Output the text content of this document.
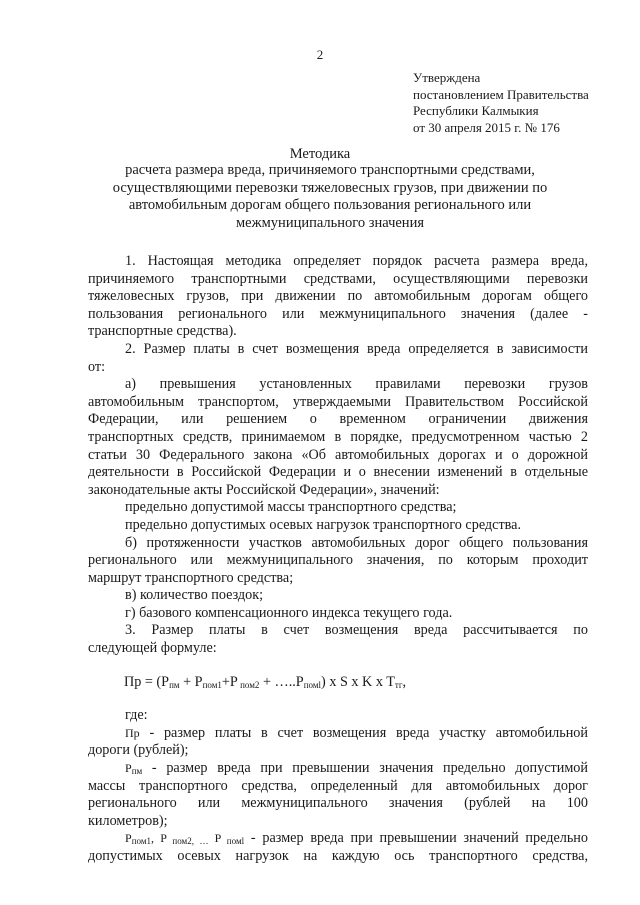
2
Утверждена
постановлением Правительства
Республики Калмыкия
от 30 апреля 2015 г. № 176
Методика
расчета размера вреда, причиняемого транспортными средствами,
осуществляющими перевозки тяжеловесных грузов, при движении по
автомобильным дорогам общего пользования регионального или
межмуниципального значения
1. Настоящая методика определяет порядок расчета размера вреда,
причиняемого транспортными средствами, осуществляющими перевозки
тяжеловесных грузов, при движении по автомобильным дорогам общего
пользования регионального или межмуниципального значения (далее -
транспортные средства).
2. Размер платы в счет возмещения вреда определяется в зависимости
от:
а) превышения установленных правилами перевозки грузов
автомобильным транспортом, утверждаемыми Правительством Российской
Федерации, или решением о временном ограничении движения
транспортных средств, принимаемом в порядке, предусмотренном частью 2
статьи 30 Федерального закона «Об автомобильных дорогах и о дорожной
деятельности в Российской Федерации и о внесении изменений в отдельные
законодательные акты Российской Федерации», значений:
предельно допустимой массы транспортного средства;
предельно допустимых осевых нагрузок транспортного средства.
б) протяженности участков автомобильных дорог общего пользования
регионального или межмуниципального значения, по которым проходит
маршрут транспортного средства;
в) количество поездок;
г) базового компенсационного индекса текущего года.
3. Размер платы в счет возмещения вреда рассчитывается по
следующей формуле:
Пр = ($Р_{пм} + Р_{пом1}+Р$ $_{пом2} + \dots..Р_{помl}$) x S x K x $T_{тг}$,
где:
Пр - размер платы в счет возмещения вреда участку автомобильной
дороги (рублей);
$Р_{пм}$ - размер вреда при превышении значения предельно допустимой
массы транспортного средства, определенный для автомобильных дорог
регионального или межмуниципального значения (рублей на 100
километров);
$Р_{пом1}$, Р $_{пом2, \dots}$ Р $_{помl}$ - размер вреда при превышении значений предельно
допустимых осевых нагрузок на каждую ось транспортного средства,
